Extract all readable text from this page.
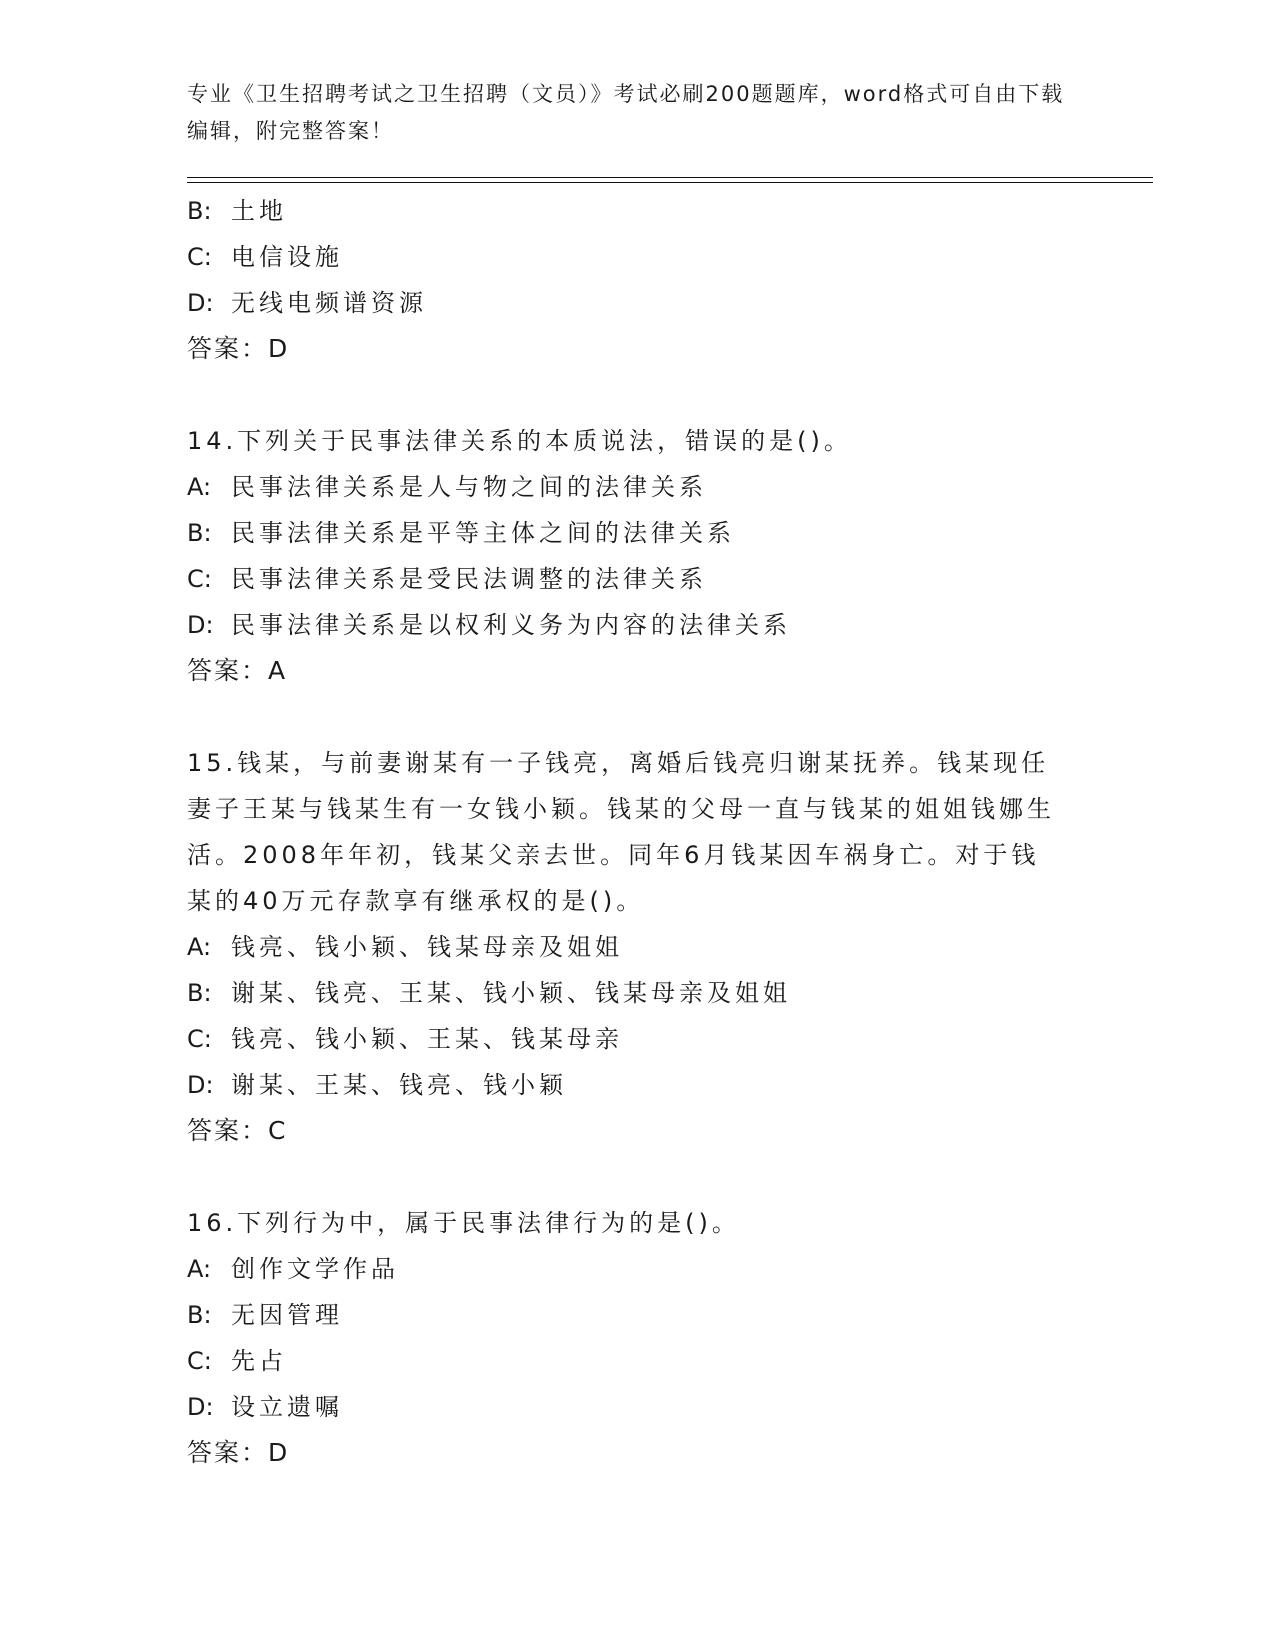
专业《卫生招聘考试之卫生招聘（文员）》考试必刷200题题库，word格式可自由下载编辑，附完整答案！
B: 土地
C: 电信设施
D: 无线电频谱资源
答案：D
14.下列关于民事法律关系的本质说法，错误的是()。
A: 民事法律关系是人与物之间的法律关系
B: 民事法律关系是平等主体之间的法律关系
C: 民事法律关系是受民法调整的法律关系
D: 民事法律关系是以权利义务为内容的法律关系
答案：A
15.钱某，与前妻谢某有一子钱亮，离婚后钱亮归谢某抚养。钱某现任妻子王某与钱某生有一女钱小颖。钱某的父母一直与钱某的姐姐钱娜生活。2008年年初，钱某父亲去世。同年6月钱某因车祸身亡。对于钱某的40万元存款享有继承权的是()。
A: 钱亮、钱小颖、钱某母亲及姐姐
B: 谢某、钱亮、王某、钱小颖、钱某母亲及姐姐
C: 钱亮、钱小颖、王某、钱某母亲
D: 谢某、王某、钱亮、钱小颖
答案：C
16.下列行为中，属于民事法律行为的是()。
A: 创作文学作品
B: 无因管理
C: 先占
D: 设立遗嘱
答案：D
